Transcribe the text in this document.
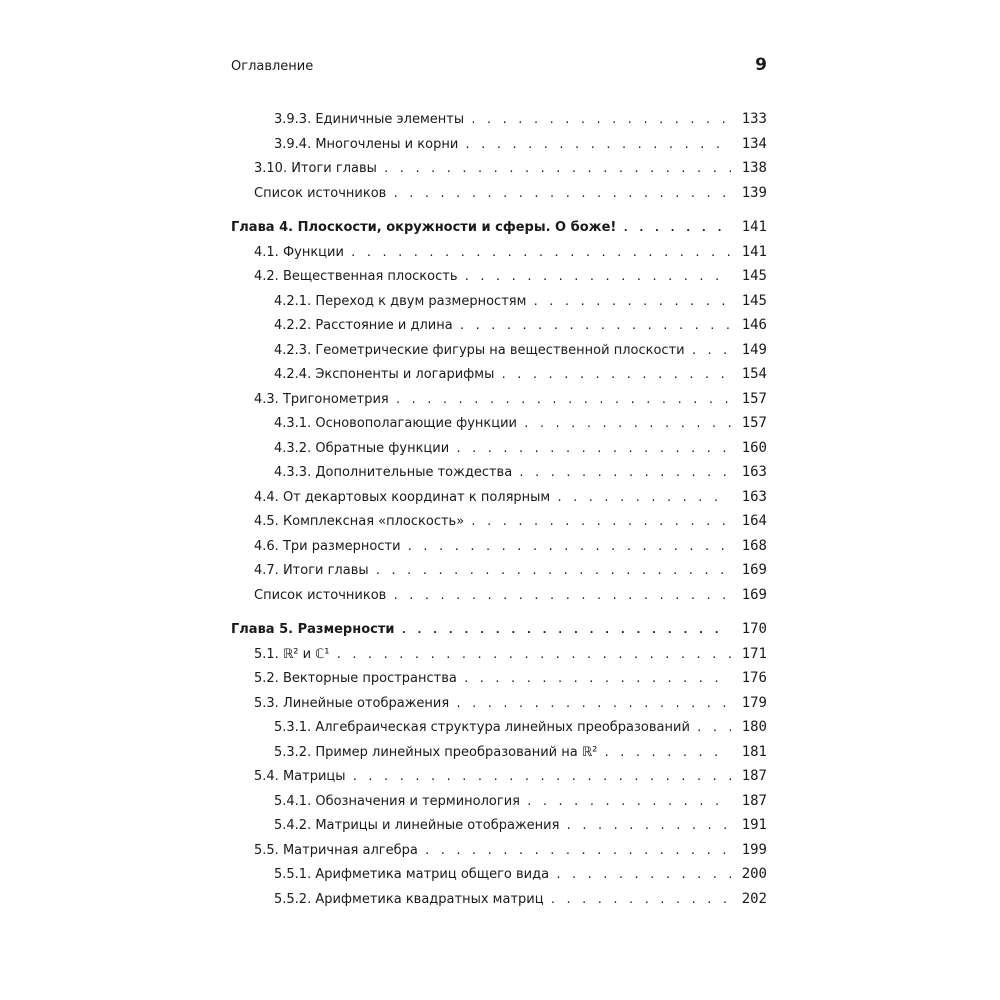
Оглавление	9
3.9.3. Единичные элементы . . .	133
3.9.4. Многочлены и корни . . .	134
3.10. Итоги главы . . .	138
Список источников . . .	139
Глава 4. Плоскости, окружности и сферы. О боже! . . .	141
4.1. Функции . . .	141
4.2. Вещественная плоскость . . .	145
4.2.1. Переход к двум размерностям . . .	145
4.2.2. Расстояние и длина . . .	146
4.2.3. Геометрические фигуры на вещественной плоскости . . .	149
4.2.4. Экспоненты и логарифмы . . .	154
4.3. Тригонометрия . . .	157
4.3.1. Основополагающие функции . . .	157
4.3.2. Обратные функции . . .	160
4.3.3. Дополнительные тождества . . .	163
4.4. От декартовых координат к полярным . . .	163
4.5. Комплексная «плоскость» . . .	164
4.6. Три размерности . . .	168
4.7. Итоги главы . . .	169
Список источников . . .	169
Глава 5. Размерности . . .	170
5.1. ℝ² и ℂ¹ . . .	171
5.2. Векторные пространства . . .	176
5.3. Линейные отображения . . .	179
5.3.1. Алгебраическая структура линейных преобразований . . .	180
5.3.2. Пример линейных преобразований на ℝ² . . .	181
5.4. Матрицы . . .	187
5.4.1. Обозначения и терминология . . .	187
5.4.2. Матрицы и линейные отображения . . .	191
5.5. Матричная алгебра . . .	199
5.5.1. Арифметика матриц общего вида . . .	200
5.5.2. Арифметика квадратных матриц . . .	202
